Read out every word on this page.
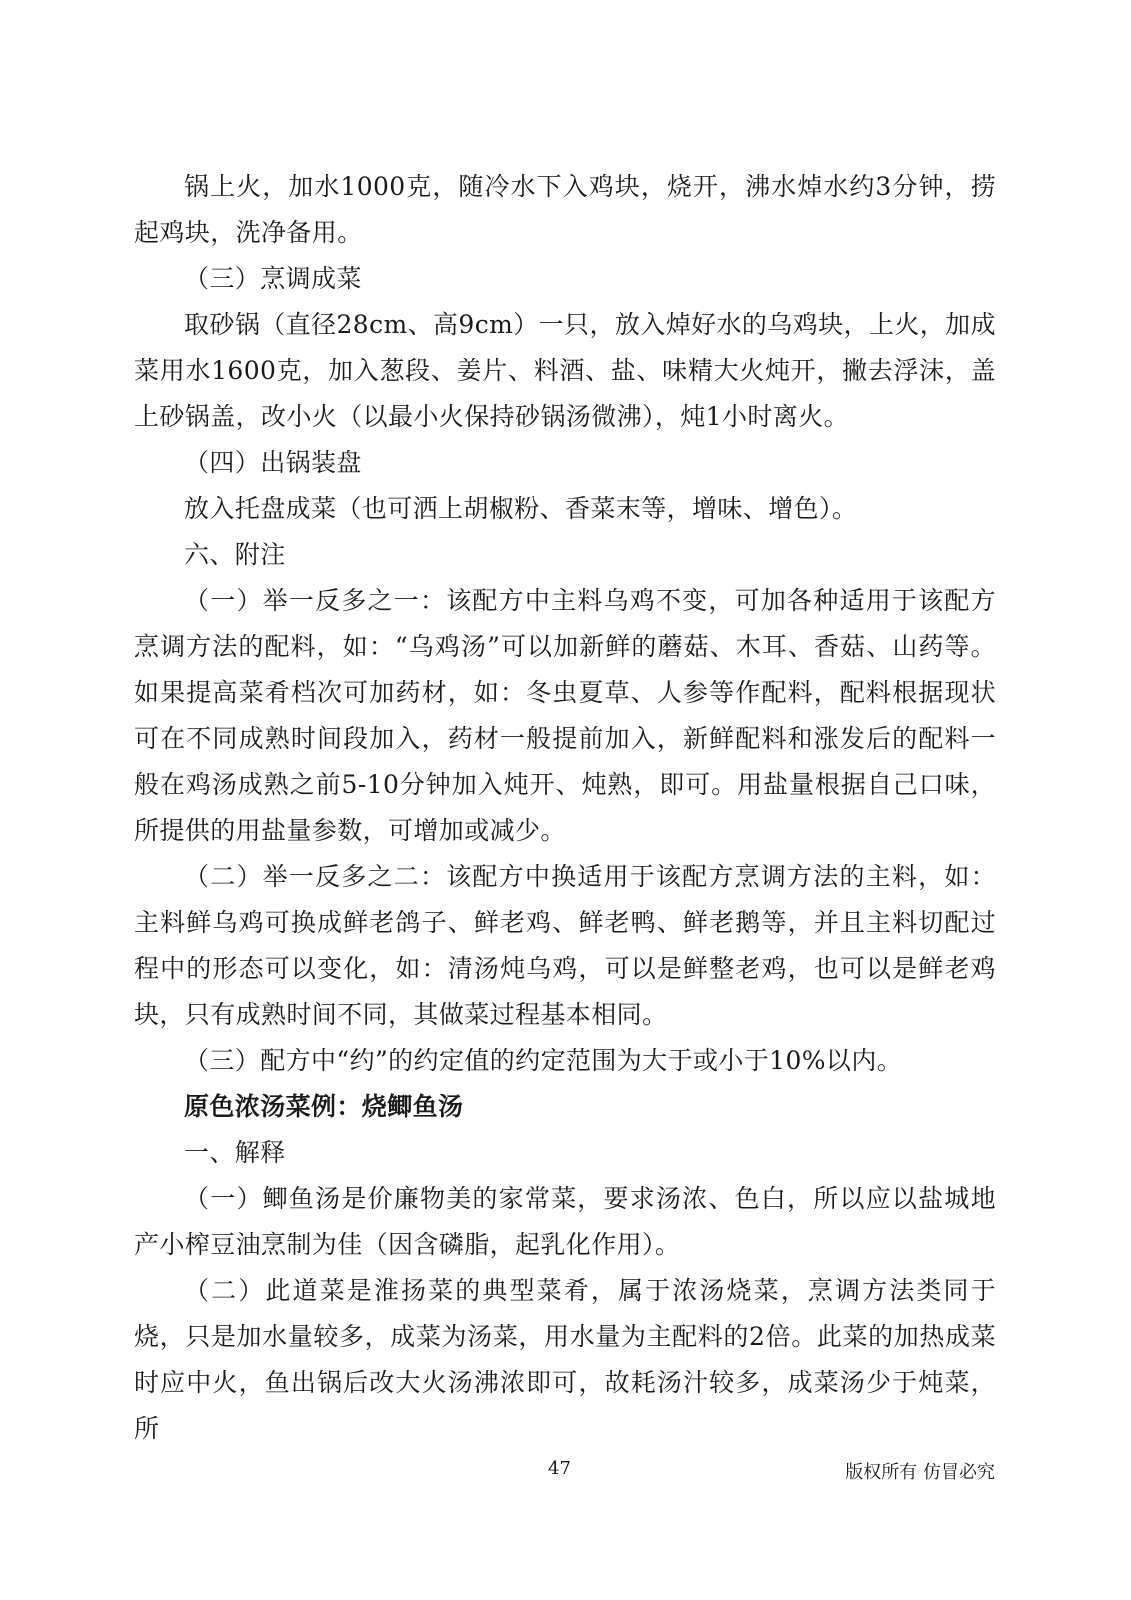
锅上火，加水1000克，随冷水下入鸡块，烧开，沸水焯水约3分钟，捞起鸡块，洗净备用。

（三）烹调成菜

取砂锅（直径28cm、高9cm）一只，放入焯好水的乌鸡块，上火，加成菜用水1600克，加入葱段、姜片、料酒、盐、味精大火炖开，撇去浮沫，盖上砂锅盖，改小火（以最小火保持砂锅汤微沸），炖1小时离火。

（四）出锅装盘

放入托盘成菜（也可洒上胡椒粉、香菜末等，增味、增色）。

六、附注

（一）举一反多之一：该配方中主料乌鸡不变，可加各种适用于该配方烹调方法的配料，如：“乌鸡汤”可以加新鲜的蘑菇、木耳、香菇、山药等。如果提高菜肴档次可加药材，如：冬虫夏草、人参等作配料，配料根据现状可在不同成熟时间段加入，药材一般提前加入，新鲜配料和涨发后的配料一般在鸡汤成熟之前5-10分钟加入炖开、炖熟，即可。用盐量根据自己口味，所提供的用盐量参数，可增加或减少。

（二）举一反多之二：该配方中换适用于该配方烹调方法的主料，如：主料鲜乌鸡可换成鲜老鸽子、鲜老鸡、鲜老鸭、鲜老鹅等，并且主料切配过程中的形态可以变化，如：清汤炖乌鸡，可以是鲜整老鸡，也可以是鲜老鸡块，只有成熟时间不同，其做菜过程基本相同。

（三）配方中“约”的约定值的约定范围为大于或小于10%以内。

原色浓汤菜例：烧鲫鱼汤

一、解释

（一）鲫鱼汤是价廉物美的家常菜，要求汤浓、色白，所以应以盐城地产小榨豆油烹制为佳（因含磷脂，起乳化作用）。

（二）此道菜是淮扬菜的典型菜肴，属于浓汤烧菜，烹调方法类同于烧，只是加水量较多，成菜为汤菜，用水量为主配料的2倍。此菜的加热成菜时应中火，鱼出锅后改大火汤沸浓即可，故耗汤汁较多，成菜汤少于炖菜，所

47	版权所有 仿冒必究
